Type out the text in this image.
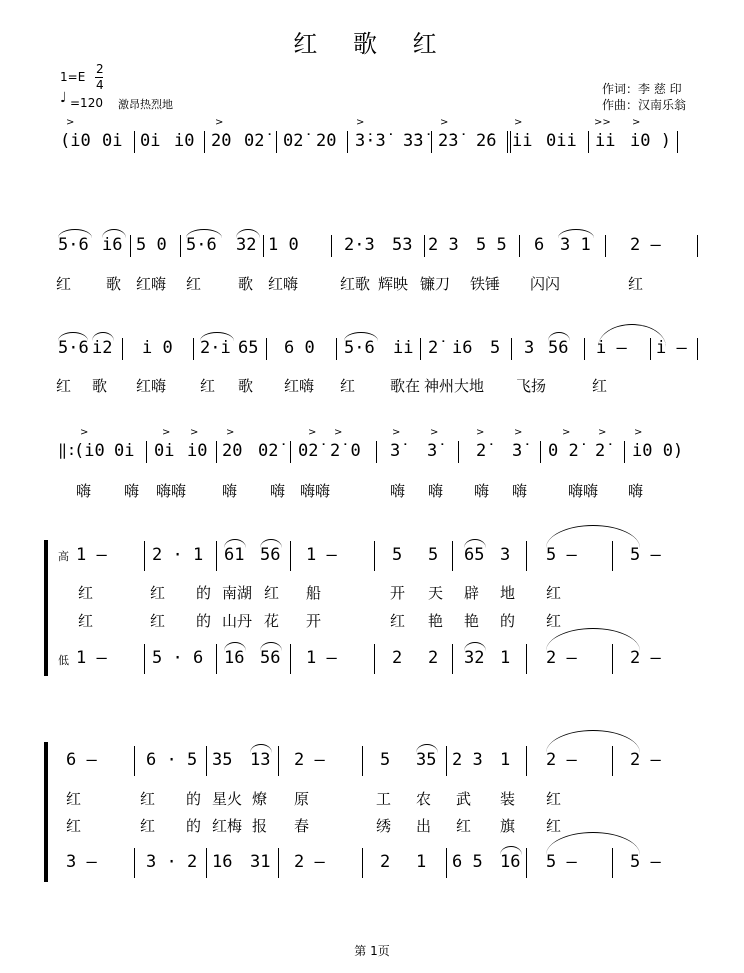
红 歌 红
1=E
2
4
♩ =120 激昂热烈地
作词：李 慈 印
作曲：汉南乐翁
(i0 0i 0i i0 2̇0 02̇ 02̇ 2̇0 3̇·3̇ 3̇3̇ 2̇3̇ 2̇6 ii 0ii ii i0 )
>	>	>	>	>	>> >
5·6 i6 5 0 5·6 32 1 0	2·3 53 2 3 5 5 6 3 1 2 –
红 歌 红嗨 红 歌 红嗨	红歌 辉映 镰刀 铁锤 闪闪	红
5·6 i2 i 0 2·i 65 6 0 5·6 ii 2̇ i6 5 3 56 i – i –
红 歌 红嗨 红 歌 红嗨 红 歌在 神州大地 飞扬	红
‖:
(i0 0i 0i i0 2̇0 02̇ 02̇ 2̇ 0 3̇ 3̇ 2̇ 3̇ 0 2̇ 2̇ i0 0)
>	> >	>	> >	>	>	>	>	>	>	>
嗨 嗨 嗨嗨 嗨 嗨 嗨嗨	嗨 嗨 嗨 嗨	嗨嗨 嗨
高
低
1 –	2 · 1 61 56 1 –	5 5 65 3 5 –	5 –
红	红 的 南湖 红 船	开 天 辟 地 红
红	红 的 山丹 花 开	红 艳 艳 的 红
1 –	5 · 6 16 56 1 –	2 2 32 1 2 –	2 –
6 –	6 · 5 35 13 2 –	5 35 2 3 1 2 –	2 –
红	红 的 星火 燎 原	工 农 武 装 红
红	红 的 红梅 报 春	绣 出 红 旗 红
3 –	3 · 2 16 31 2 –	2 1 6 5 16 5 –	5 –
第 1页
